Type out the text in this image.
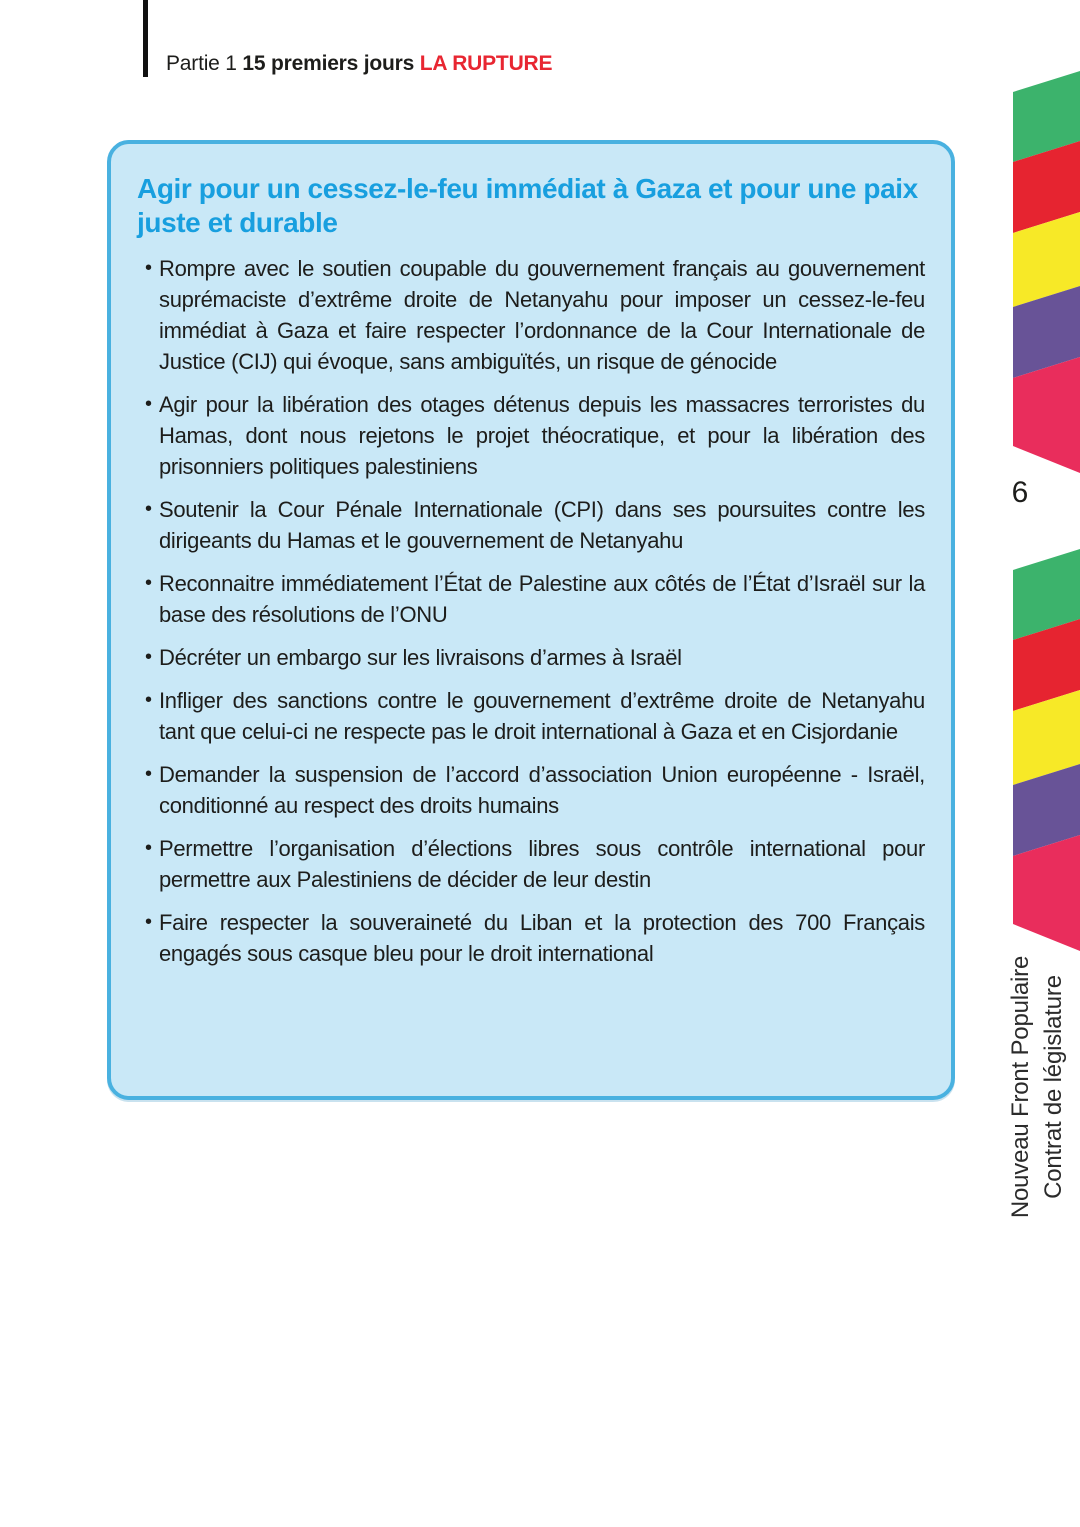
Partie 1 15 premiers jours LA RUPTURE
Agir pour un cessez-le-feu immédiat à Gaza et pour une paix juste et durable
• Rompre avec le soutien coupable du gouvernement français au gouvernement suprémaciste d’extrême droite de Netanyahu pour imposer un cessez-le-feu immédiat à Gaza et faire respecter l’ordonnance de la Cour Internationale de Justice (CIJ) qui évoque, sans ambiguïtés, un risque de génocide
• Agir pour la libération des otages détenus depuis les massacres terroristes du Hamas, dont nous rejetons le projet théocratique, et pour la libération des prisonniers politiques palestiniens
• Soutenir la Cour Pénale Internationale (CPI) dans ses poursuites contre les dirigeants du Hamas et le gouvernement de Netanyahu
• Reconnaitre immédiatement l’État de Palestine aux côtés de l’État d’Israël sur la base des résolutions de l’ONU
• Décréter un embargo sur les livraisons d’armes à Israël
• Infliger des sanctions contre le gouvernement d’extrême droite de Netanyahu tant que celui-ci ne respecte pas le droit international à Gaza et en Cisjordanie
• Demander la suspension de l’accord d’association Union européenne - Israël, conditionné au respect des droits humains
• Permettre l’organisation d’élections libres sous contrôle international pour permettre aux Palestiniens de décider de leur destin
• Faire respecter la souveraineté du Liban et la protection des 700 Français engagés sous casque bleu pour le droit international
6
Nouveau Front Populaire Contrat de législature
